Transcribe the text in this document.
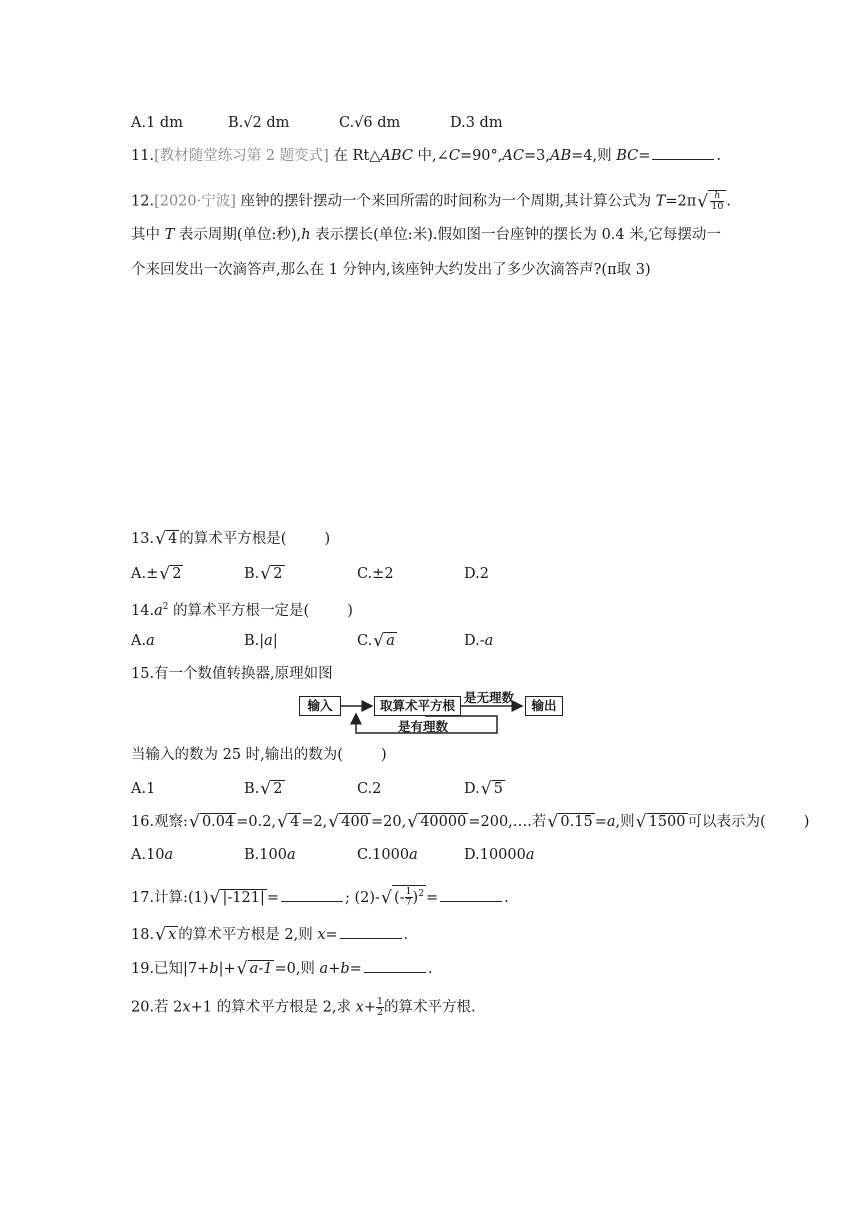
A.1 dm	B.√2 dm	C.√6 dm	D.3 dm
11.[教材随堂练习第 2 题变式] 在 Rt△ABC 中,∠C=90°,AC=3,AB=4,则 BC=	.
12.[2020·宁波] 座钟的摆针摆动一个来回所需的时间称为一个周期,其计算公式为 T=2π √ $\frac{h}{10}$ .
其中 T 表示周期(单位:秒),h 表示摆长(单位:米).假如图一台座钟的摆长为 0.4 米,它每摆动一
个来回发出一次滴答声,那么在 1 分钟内,该座钟大约发出了多少次滴答声?(π取 3)
13. √ 4 的算术平方根是(	)
A.± √ 2	B. √ 2	C.±2	D.2
$14.a^2$ 的算术平方根一定是(	)
A.a	B.|a|	C. √ a	D.-a
15.有一个数值转换器,原理如图
输入	取算术平方根	输出
是无理数
是有理数
当输入的数为 25 时,输出的数为(	)
A.1	B. √ 2	C.2	D. √ 5
16.观察: √ 0.04 =0.2, √ 4 =2, √ 400 =20, √ 40000 =200,….若 √ 0.15 =a,则 √ 1500 可以表示为(	)
A.10a	B.100a	C.1000a	D.10000a
17.计算:(1) √ |-121| =	; (2)- √ (- $\frac{1}{7} )^2$ =	.
18. √ x 的算术平方根是 2,则 x=	.
19.已知|7+b|+ √ a-1 =0,则 a+b=	.
20.若 2x+1 的算术平方根是 2,求 $x+ \frac{1}{2}$ 的算术平方根.
